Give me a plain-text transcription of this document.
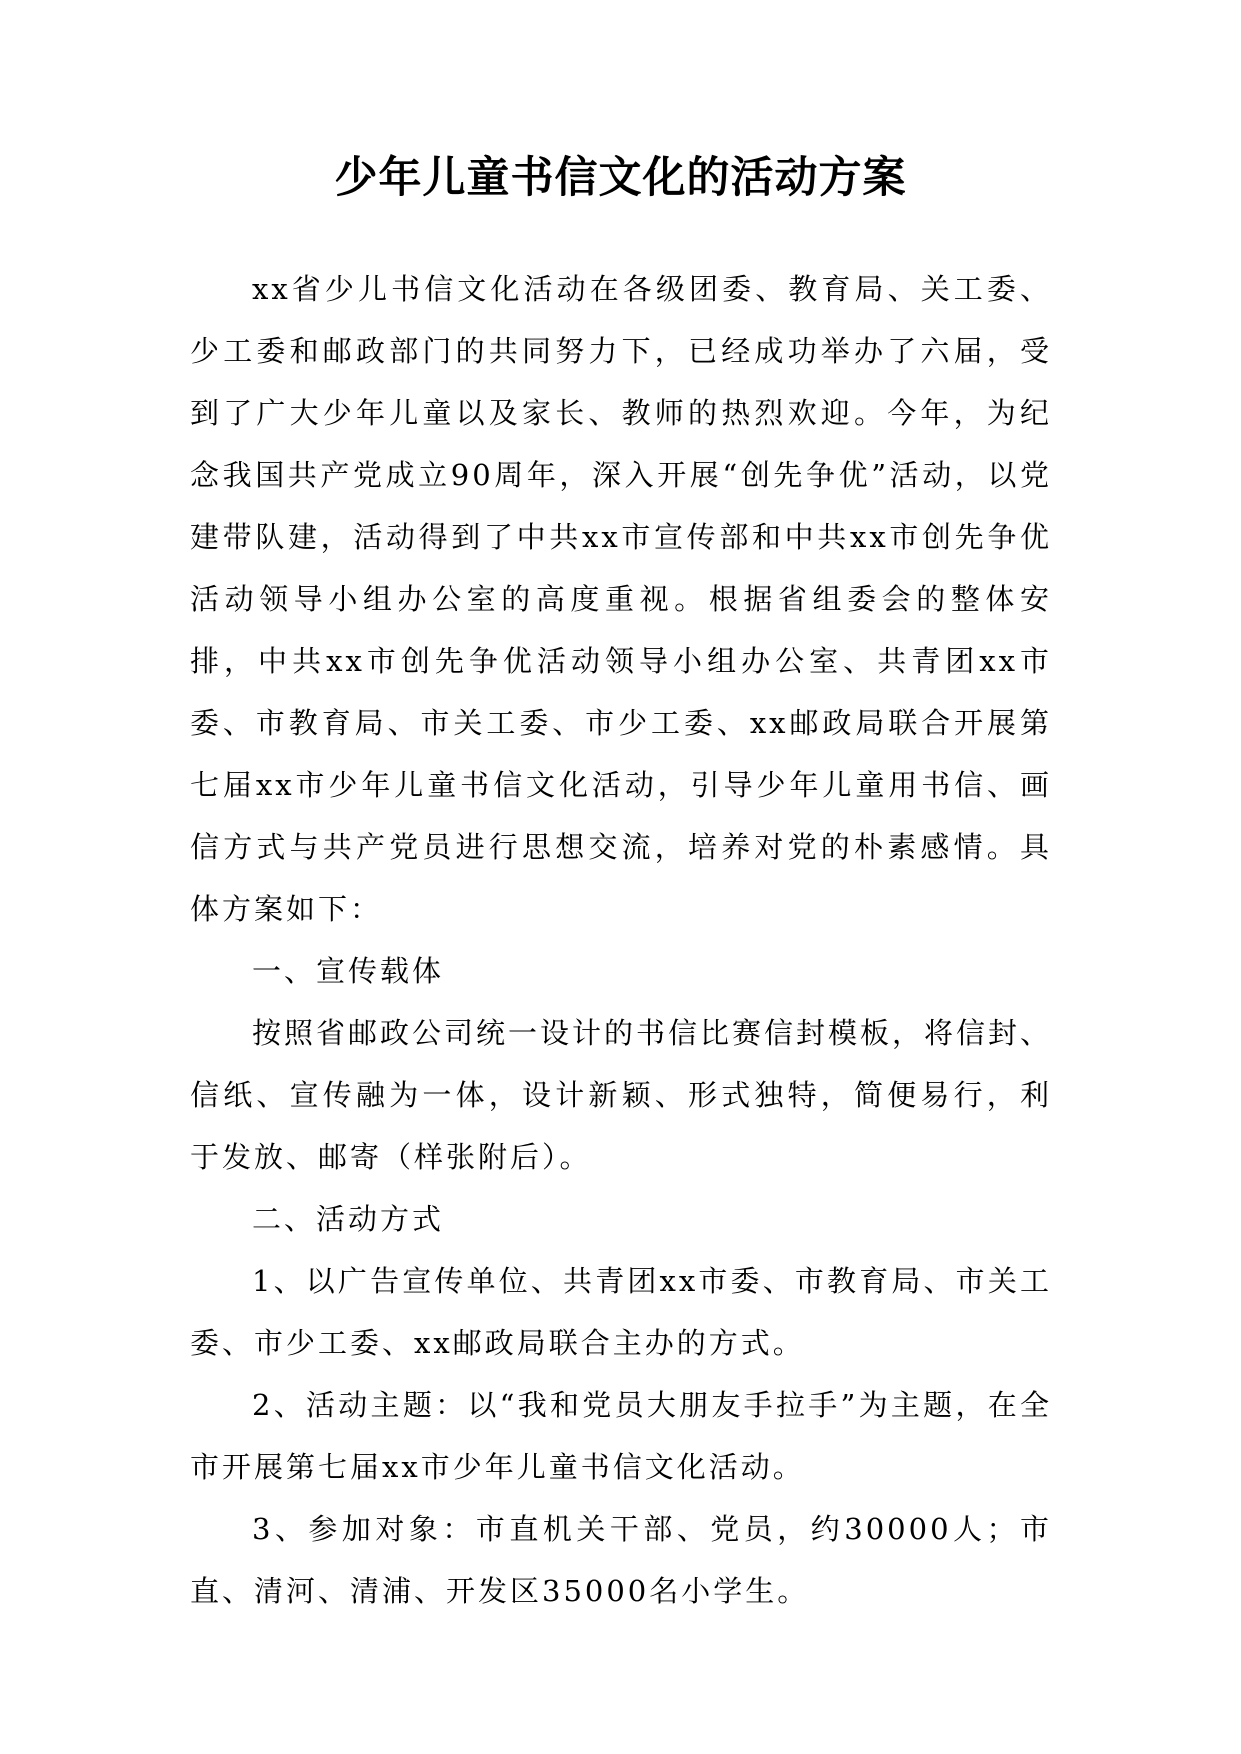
少年儿童书信文化的活动方案

xx省少儿书信文化活动在各级团委、教育局、关工委、少工委和邮政部门的共同努力下，已经成功举办了六届，受到了广大少年儿童以及家长、教师的热烈欢迎。今年，为纪念我国共产党成立90周年，深入开展“创先争优”活动，以党建带队建，活动得到了中共xx市宣传部和中共xx市创先争优活动领导小组办公室的高度重视。根据省组委会的整体安排，中共xx市创先争优活动领导小组办公室、共青团xx市委、市教育局、市关工委、市少工委、xx邮政局联合开展第七届xx市少年儿童书信文化活动，引导少年儿童用书信、画信方式与共产党员进行思想交流，培养对党的朴素感情。具体方案如下：

一、宣传载体

按照省邮政公司统一设计的书信比赛信封模板，将信封、信纸、宣传融为一体，设计新颖、形式独特，简便易行，利于发放、邮寄（样张附后）。

二、活动方式

1、以广告宣传单位、共青团xx市委、市教育局、市关工委、市少工委、xx邮政局联合主办的方式。

2、活动主题：以“我和党员大朋友手拉手”为主题，在全市开展第七届xx市少年儿童书信文化活动。

3、参加对象：市直机关干部、党员，约30000人；市直、清河、清浦、开发区35000名小学生。
